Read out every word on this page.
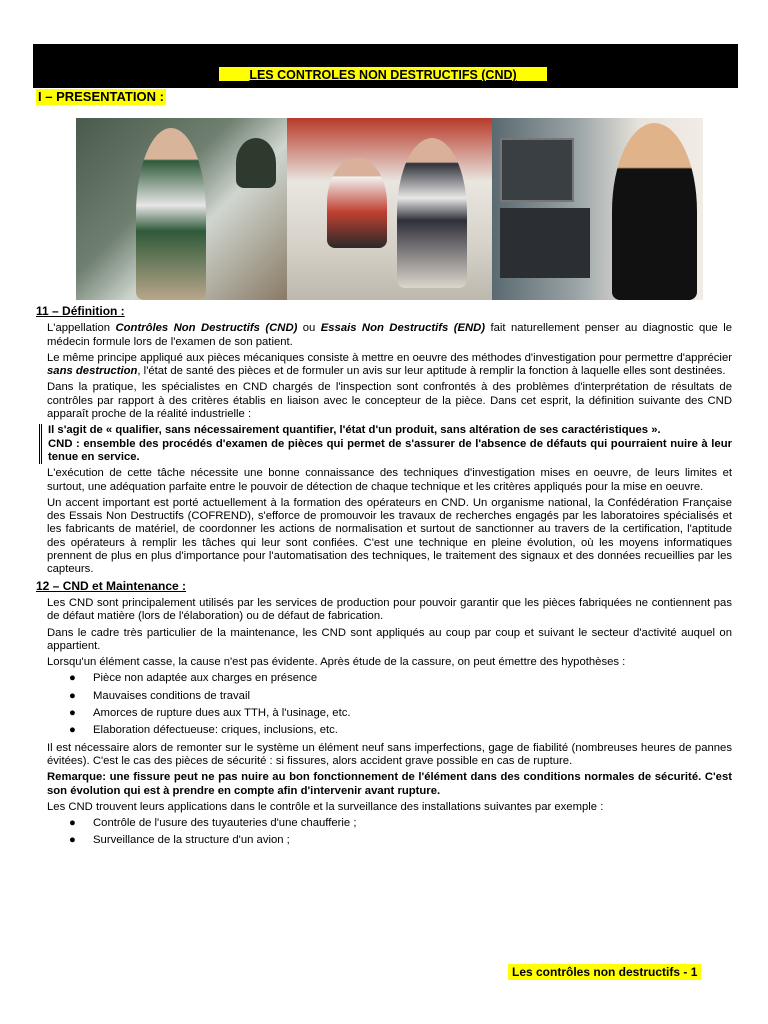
LES CONTROLES NON DESTRUCTIFS (CND)
I – PRESENTATION :
11 – Définition :

L'appellation Contrôles Non Destructifs (CND) ou Essais Non Destructifs (END) fait naturellement penser au diagnostic que le médecin formule lors de l'examen de son patient.

Le même principe appliqué aux pièces mécaniques consiste à mettre en oeuvre des méthodes d'investigation pour permettre d'apprécier sans destruction, l'état de santé des pièces et de formuler un avis sur leur aptitude à remplir la fonction à laquelle elles sont destinées.

Dans la pratique, les spécialistes en CND chargés de l'inspection sont confrontés à des problèmes d'interprétation de résultats de contrôles par rapport à des critères établis en liaison avec le concepteur de la pièce. Dans cet esprit, la définition suivante des CND apparaît proche de la réalité industrielle :

Il s'agit de « qualifier, sans nécessairement quantifier, l'état d'un produit, sans altération de ses caractéristiques ».
CND : ensemble des procédés d'examen de pièces qui permet de s'assurer de l'absence de défauts qui pourraient nuire à leur tenue en service.

L'exécution de cette tâche nécessite une bonne connaissance des techniques d'investigation mises en oeuvre, de leurs limites et surtout, une adéquation parfaite entre le pouvoir de détection de chaque technique et les critères appliqués pour la mise en oeuvre.

Un accent important est porté actuellement à la formation des opérateurs en CND. Un organisme national, la Confédération Française des Essais Non Destructifs (COFREND), s'efforce de promouvoir les travaux de recherches engagés par les laboratoires spécialisés et les fabricants de matériel, de coordonner les actions de normalisation et surtout de sanctionner au travers de la certification, l'aptitude des opérateurs à remplir les tâches qui leur sont confiées. C'est une technique en pleine évolution, où les moyens informatiques prennent de plus en plus d'importance pour l'automatisation des techniques, le traitement des signaux et des données recueillies par les capteurs.

12 – CND et Maintenance :

Les CND sont principalement utilisés par les services de production pour pouvoir garantir que les pièces fabriquées ne contiennent pas de défaut matière (lors de l'élaboration) ou de défaut de fabrication.

Dans le cadre très particulier de la maintenance, les CND sont appliqués au coup par coup et suivant le secteur d'activité auquel on appartient.

Lorsqu'un élément casse, la cause n'est pas évidente. Après étude de la cassure, on peut émettre des hypothèses :

● Pièce non adaptée aux charges en présence
● Mauvaises conditions de travail
● Amorces de rupture dues aux TTH, à l'usinage, etc.
● Elaboration défectueuse: criques, inclusions, etc.

Il est nécessaire alors de remonter sur le système un élément neuf sans imperfections, gage de fiabilité (nombreuses heures de pannes évitées). C'est le cas des pièces de sécurité : si fissures, alors accident grave possible en cas de rupture.

Remarque: une fissure peut ne pas nuire au bon fonctionnement de l'élément dans des conditions normales de sécurité. C'est son évolution qui est à prendre en compte afin d'intervenir avant rupture.

Les CND trouvent leurs applications dans le contrôle et la surveillance des installations suivantes par exemple :

● Contrôle de l'usure des tuyauteries d'une chaufferie ;
● Surveillance de la structure d'un avion ;
Les contrôles non destructifs - 1
